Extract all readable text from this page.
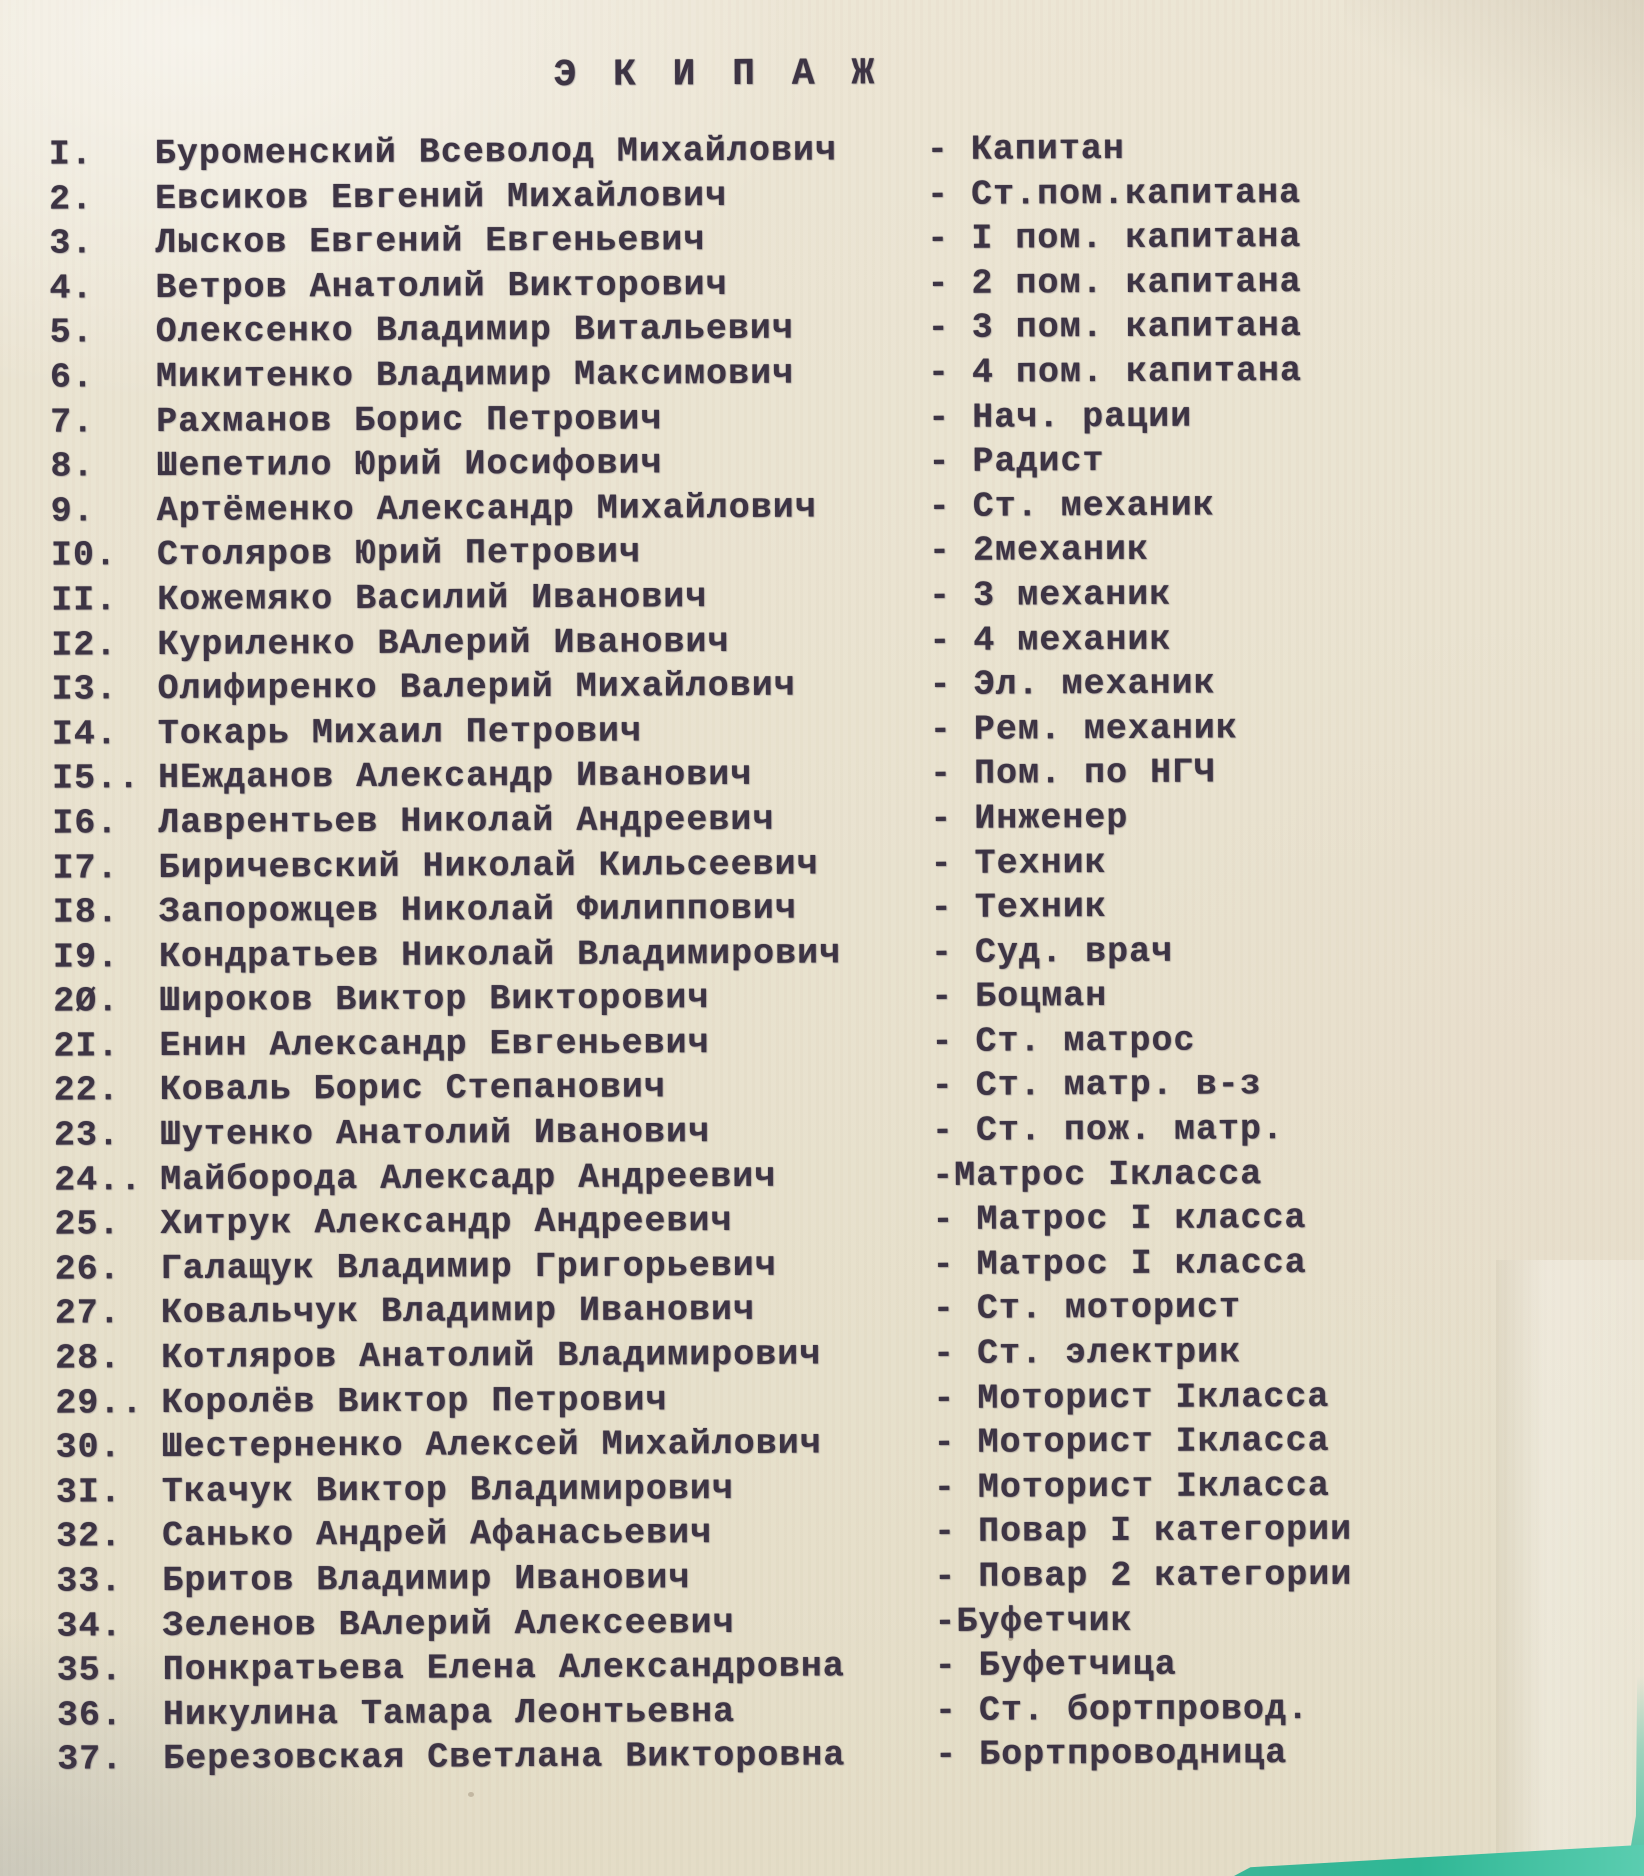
Э К И П А Ж
I.	Буроменский Всеволод Михайлович	- Капитан
2.	Евсиков Евгений Михайлович	- Ст.пом.капитана
3.	Лысков Евгений Евгеньевич	- I пом. капитана
4.	Ветров Анатолий Викторович	- 2 пом. капитана
5.	Олексенко Владимир Витальевич	- 3 пом. капитана
6.	Микитенко Владимир Максимович	- 4 пом. капитана
7.	Рахманов Борис Петрович	- Нач. рации
8.	Шепетило Юрий Иосифович	- Радист
9.	Артёменко Александр Михайлович	- Ст. механик
I0.	Столяров Юрий Петрович	- 2механик
II.	Кожемяко Василий Иванович	- 3 механик
I2.	Куриленко ВАлерий Иванович	- 4 механик
I3.	Олифиренко Валерий Михайлович	- Эл. механик
I4.	Токарь Михаил Петрович	- Рем. механик
I5.. НЕжданов Александр Иванович	- Пом. по НГЧ
I6.	Лаврентьев Николай Андреевич	- Инженер
I7.	Биричевский Николай Кильсеевич	- Техник
I8.	Запорожцев Николай Филиппович	- Техник
I9.	Кондратьев Николай Владимирович	- Суд. врач
2Ø.	Широков Виктор Викторович	- Боцман
2I.	Енин Александр Евгеньевич	- Ст. матрос
22.	Коваль Борис Степанович	- Ст. матр. в-з
23.	Шутенко Анатолий Иванович	- Ст. пож. матр.
24.. Майборода Алексадр Андреевич	-Матрос Iкласса
25.	Хитрук Александр Андреевич	- Матрос I класса
26.	Галащук Владимир Григорьевич	- Матрос I класса
27.	Ковальчук Владимир Иванович	- Ст. моторист
28.	Котляров Анатолий Владимирович	- Ст. электрик
29.. Королёв Виктор Петрович	- Моторист Iкласса
30.	Шестерненко Алексей Михайлович	- Моторист Iкласса
3I.	Ткачук Виктор Владимирович	- Моторист Iкласса
32.	Санько Андрей Афанасьевич	- Повар I категории
33.	Бритов Владимир Иванович	- Повар 2 категории
34.	Зеленов ВАлерий Алексеевич	-Буфетчик
35.	Понкратьева Елена Александровна	- Буфетчица
36.	Никулина Тамара Леонтьевна	- Ст. бортпровод.
37.	Березовская Светлана Викторовна	- Бортпроводница
